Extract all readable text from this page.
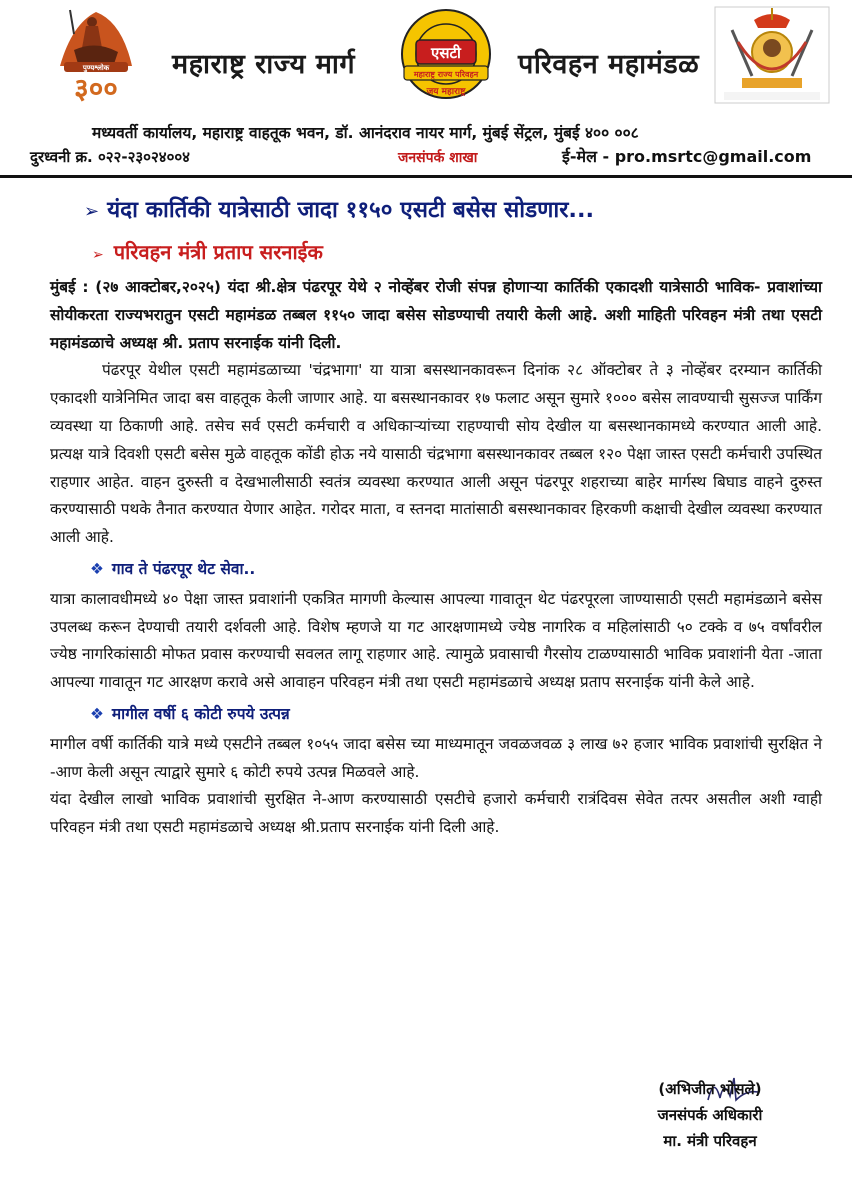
पुण्यश्लोक
३००
महाराष्ट्र राज्य मार्ग	एसटी
महाराष्ट्र राज्य परिवहन
जय महाराष्ट्र
परिवहन महामंडळ
मध्यवर्ती कार्यालय, महाराष्ट्र वाहतूक भवन, डॉ. आनंदराव नायर मार्ग, मुंबई सेंट्रल, मुंबई ४०० ००८
दुरध्वनी क्र. ०२२-२३०२४००४	जनसंपर्क शाखा	ई-मेल - pro.msrtc@gmail.com
➢ यंदा कार्तिकी यात्रेसाठी जादा ११५० एसटी बसेस सोडणार...
➢ परिवहन मंत्री प्रताप सरनाईक

मुंबई : (२७ आक्टोबर,२०२५) यंदा श्री.क्षेत्र पंढरपूर येथे २ नोव्हेंबर रोजी संपन्न होणाऱ्या कार्तिकी एकादशी यात्रेसाठी भाविक- प्रवाशांच्या सोयीकरता राज्यभरातुन एसटी महामंडळ तब्बल ११५० जादा बसेस सोडण्याची तयारी केली आहे. अशी माहिती परिवहन मंत्री तथा एसटी महामंडळाचे अध्यक्ष श्री. प्रताप सरनाईक यांनी दिली.

पंढरपूर येथील एसटी महामंडळाच्या 'चंद्रभागा' या यात्रा बसस्थानकावरून दिनांक २८ ऑक्टोबर ते ३ नोव्हेंबर दरम्यान कार्तिकी एकादशी यात्रेनिमित जादा बस वाहतूक केली जाणार आहे. या बसस्थानकावर १७ फलाट असून सुमारे १००० बसेस लावण्याची सुसज्ज पार्किंग व्यवस्था या ठिकाणी आहे. तसेच सर्व एसटी कर्मचारी व अधिकाऱ्यांच्या राहण्याची सोय देखील या बसस्थानकामध्ये करण्यात आली आहे. प्रत्यक्ष यात्रे दिवशी एसटी बसेस मुळे वाहतूक कोंडी होऊ नये यासाठी चंद्रभागा बसस्थानकावर तब्बल १२० पेक्षा जास्त एसटी कर्मचारी उपस्थित राहणार आहेत. वाहन दुरुस्ती व देखभालीसाठी स्वतंत्र व्यवस्था करण्यात आली असून पंढरपूर शहराच्या बाहेर मार्गस्थ बिघाड वाहने दुरुस्त करण्यासाठी पथके तैनात करण्यात येणार आहेत. गरोदर माता, व स्तनदा मातांसाठी बसस्थानकावर हिरकणी कक्षाची देखील व्यवस्था करण्यात आली आहे.

❖ गाव ते पंढरपूर थेट सेवा..

यात्रा कालावधीमध्ये ४० पेक्षा जास्त प्रवाशांनी एकत्रित मागणी केल्यास आपल्या गावातून थेट पंढरपूरला जाण्यासाठी एसटी महामंडळाने बसेस उपलब्ध करून देण्याची तयारी दर्शवली आहे. विशेष म्हणजे या गट आरक्षणामध्ये ज्येष्ठ नागरिक व महिलांसाठी ५० टक्के व ७५ वर्षांवरील ज्येष्ठ नागरिकांसाठी मोफत प्रवास करण्याची सवलत लागू राहणार आहे. त्यामुळे प्रवासाची गैरसोय टाळण्यासाठी भाविक प्रवाशांनी येता -जाता आपल्या गावातून गट आरक्षण करावे असे आवाहन परिवहन मंत्री तथा एसटी महामंडळाचे अध्यक्ष प्रताप सरनाईक यांनी केले आहे.

❖ मागील वर्षी ६ कोटी रुपये उत्पन्न

मागील वर्षी कार्तिकी यात्रे मध्ये एसटीने तब्बल १०५५ जादा बसेस च्या माध्यमातून जवळजवळ ३ लाख ७२ हजार भाविक प्रवाशांची सुरक्षित ने -आण केली असून त्याद्वारे सुमारे ६ कोटी रुपये उत्पन्न मिळवले आहे.

यंदा देखील लाखो भाविक प्रवाशांची सुरक्षित ने-आण करण्यासाठी एसटीचे हजारो कर्मचारी रात्रंदिवस सेवेत तत्पर असतील अशी ग्वाही परिवहन मंत्री तथा एसटी महामंडळाचे अध्यक्ष श्री.प्रताप सरनाईक यांनी दिली आहे.

(अभिजीत भोसले)
जनसंपर्क अधिकारी
मा. मंत्री परिवहन
